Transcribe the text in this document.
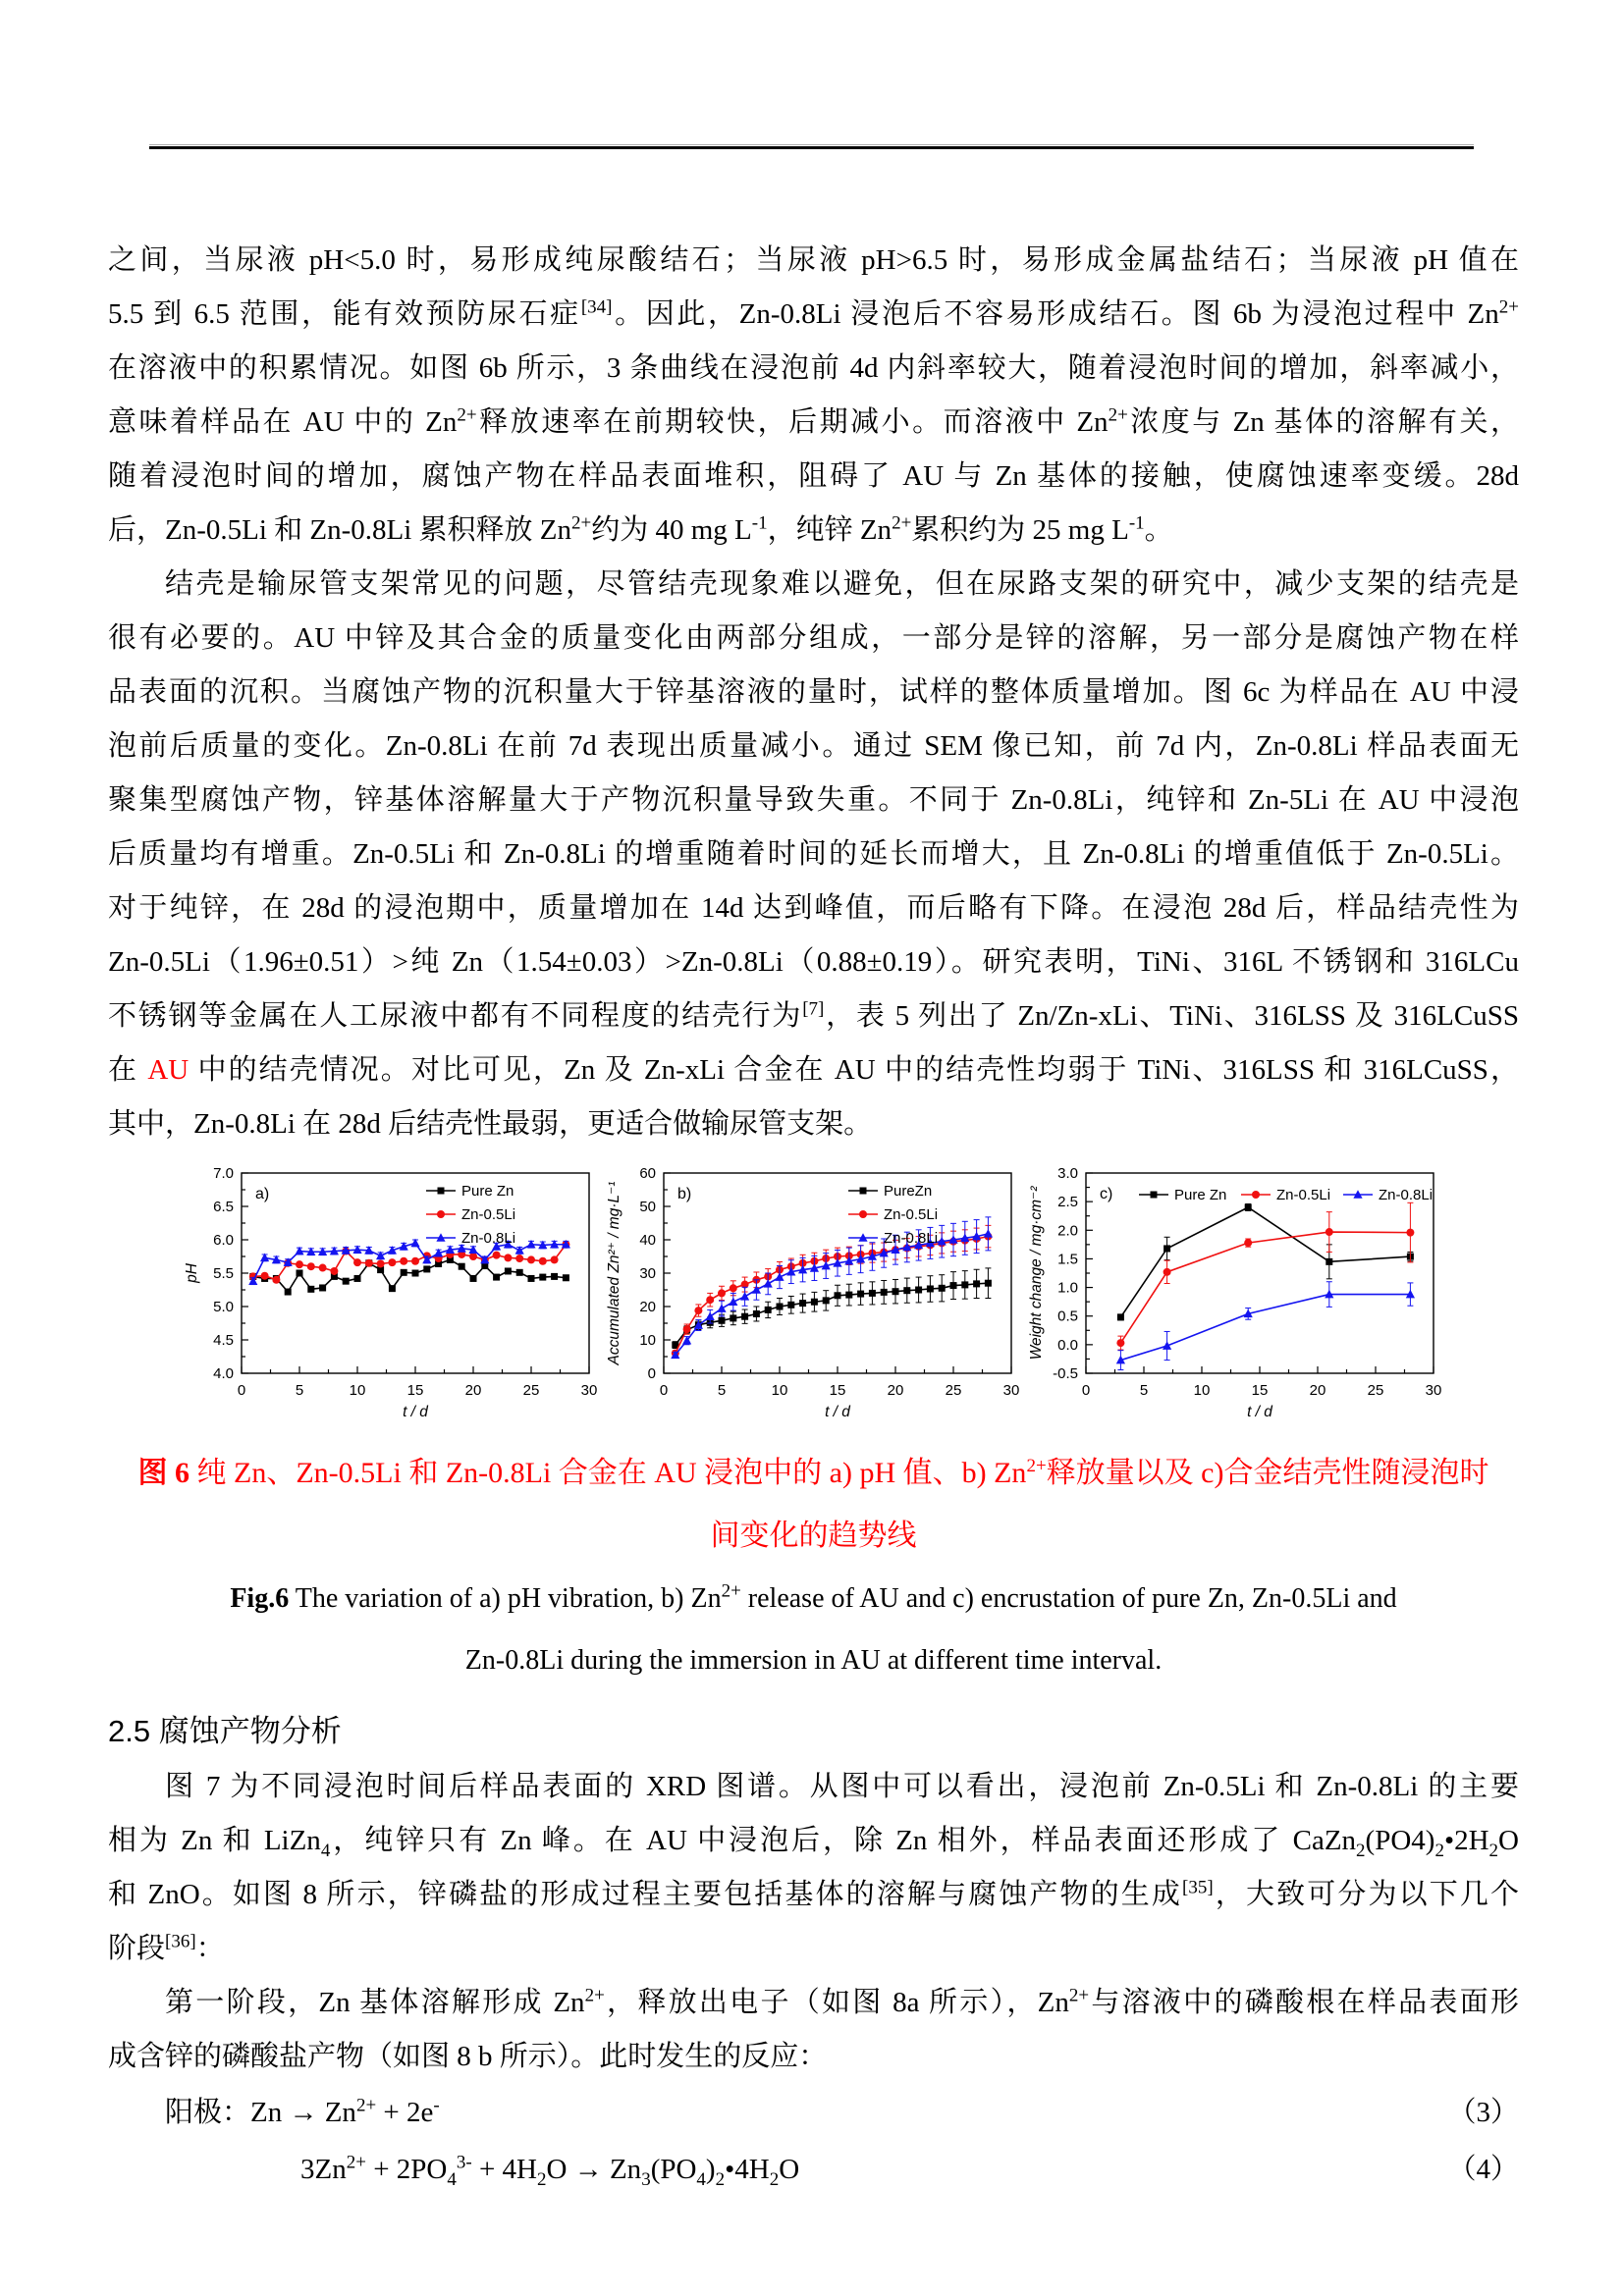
之间，当尿液 pH<5.0 时，易形成纯尿酸结石；当尿液 pH>6.5 时，易形成金属盐结石；当尿液 pH 值在
5.5 到 6.5 范围，能有效预防尿石症[34]。因此，Zn-0.8Li 浸泡后不容易形成结石。图 6b 为浸泡过程中 $Zn^{2+}$
在溶液中的积累情况。如图 6b 所示，3 条曲线在浸泡前 4d 内斜率较大，随着浸泡时间的增加，斜率减小，
意味着样品在 AU 中的 $Zn^{2+}$释放速率在前期较快，后期减小。而溶液中 $Zn^{2+}$浓度与 Zn 基体的溶解有关，
随着浸泡时间的增加，腐蚀产物在样品表面堆积，阻碍了 AU 与 Zn 基体的接触，使腐蚀速率变缓。28d
后，Zn-0.5Li 和 Zn-0.8Li 累积释放 $Zn^{2+}$约为 40 mg $L^{-1}$，纯锌 $Zn^{2+}$累积约为 25 mg $L^{-1}$。
结壳是输尿管支架常见的问题，尽管结壳现象难以避免，但在尿路支架的研究中，减少支架的结壳是
很有必要的。AU 中锌及其合金的质量变化由两部分组成，一部分是锌的溶解，另一部分是腐蚀产物在样
品表面的沉积。当腐蚀产物的沉积量大于锌基溶液的量时，试样的整体质量增加。图 6c 为样品在 AU 中浸
泡前后质量的变化。Zn-0.8Li 在前 7d 表现出质量减小。通过 SEM 像已知，前 7d 内，Zn-0.8Li 样品表面无
聚集型腐蚀产物，锌基体溶解量大于产物沉积量导致失重。不同于 Zn-0.8Li，纯锌和 Zn-5Li 在 AU 中浸泡
后质量均有增重。Zn-0.5Li 和 Zn-0.8Li 的增重随着时间的延长而增大，且 Zn-0.8Li 的增重值低于 Zn-0.5Li。
对于纯锌，在 28d 的浸泡期中，质量增加在 14d 达到峰值，而后略有下降。在浸泡 28d 后，样品结壳性为
Zn-0.5Li（1.96±0.51）>纯 Zn（1.54±0.03）>Zn-0.8Li（0.88±0.19）。研究表明，TiNi、316L 不锈钢和 316LCu
不锈钢等金属在人工尿液中都有不同程度的结壳行为[7]，表 5 列出了 Zn/Zn-xLi、TiNi、316LSS 及 316LCuSS
在 AU 中的结壳情况。对比可见，Zn 及 Zn-xLi 合金在 AU 中的结壳性均弱于 TiNi、316LSS 和 316LCuSS，
其中，Zn-0.8Li 在 28d 后结壳性最弱，更适合做输尿管支架。
0	5	10	15	20	25	30
4.0
4.5
5.0
5.5
6.0
6.5
7.0
t / d
pH
a)	Pure Zn
Zn-0.5Li
Zn-0.8Li
0	5	10	15	20	25	30
0
10
20
30
40
50
60
t / d
Accumulated Zn²⁺ / mg·L⁻¹	b)	PureZn
Zn-0.5Li
Zn-0.8Li
0	5	10	15	20	25	30
-0.5
0.0
0.5
1.0
1.5
2.0
2.5
3.0
t / d
Weight change / mg·cm⁻²	c)	Pure Zn	Zn-0.5Li	Zn-0.8Li
图 6 纯 Zn、Zn-0.5Li 和 Zn-0.8Li 合金在 AU 浸泡中的 a) pH 值、b) $Zn^{2+}$释放量以及 c)合金结壳性随浸泡时
间变化的趋势线
Fig.6 The variation of a) pH vibration, b) $Zn^{2+}$ release of AU and c) encrustation of pure Zn, Zn-0.5Li and
Zn-0.8Li during the immersion in AU at different time interval.
2.5 腐蚀产物分析
图 7 为不同浸泡时间后样品表面的 XRD 图谱。从图中可以看出，浸泡前 Zn-0.5Li 和 Zn-0.8Li 的主要
相为 Zn 和 LiZn$_4$，纯锌只有 Zn 峰。在 AU 中浸泡后，除 Zn 相外，样品表面还形成了 $CaZn_2(PO4)_2•2H_2O$
和 ZnO。如图 8 所示，锌磷盐的形成过程主要包括基体的溶解与腐蚀产物的生成[35]，大致可分为以下几个
阶段[36]：
第一阶段，Zn 基体溶解形成 $Zn^{2+}$，释放出电子（如图 8a 所示），$Zn^{2+}$与溶液中的磷酸根在样品表面形
成含锌的磷酸盐产物（如图 8 b 所示）。此时发生的反应：
阳极：$Zn \to Zn^{2+} + 2e^-$	（3）
$3Zn^{2+} + 2PO_4^{3-} + 4H_2O$ → $Zn_3(PO_4)_2•4H_2O$	（4）
